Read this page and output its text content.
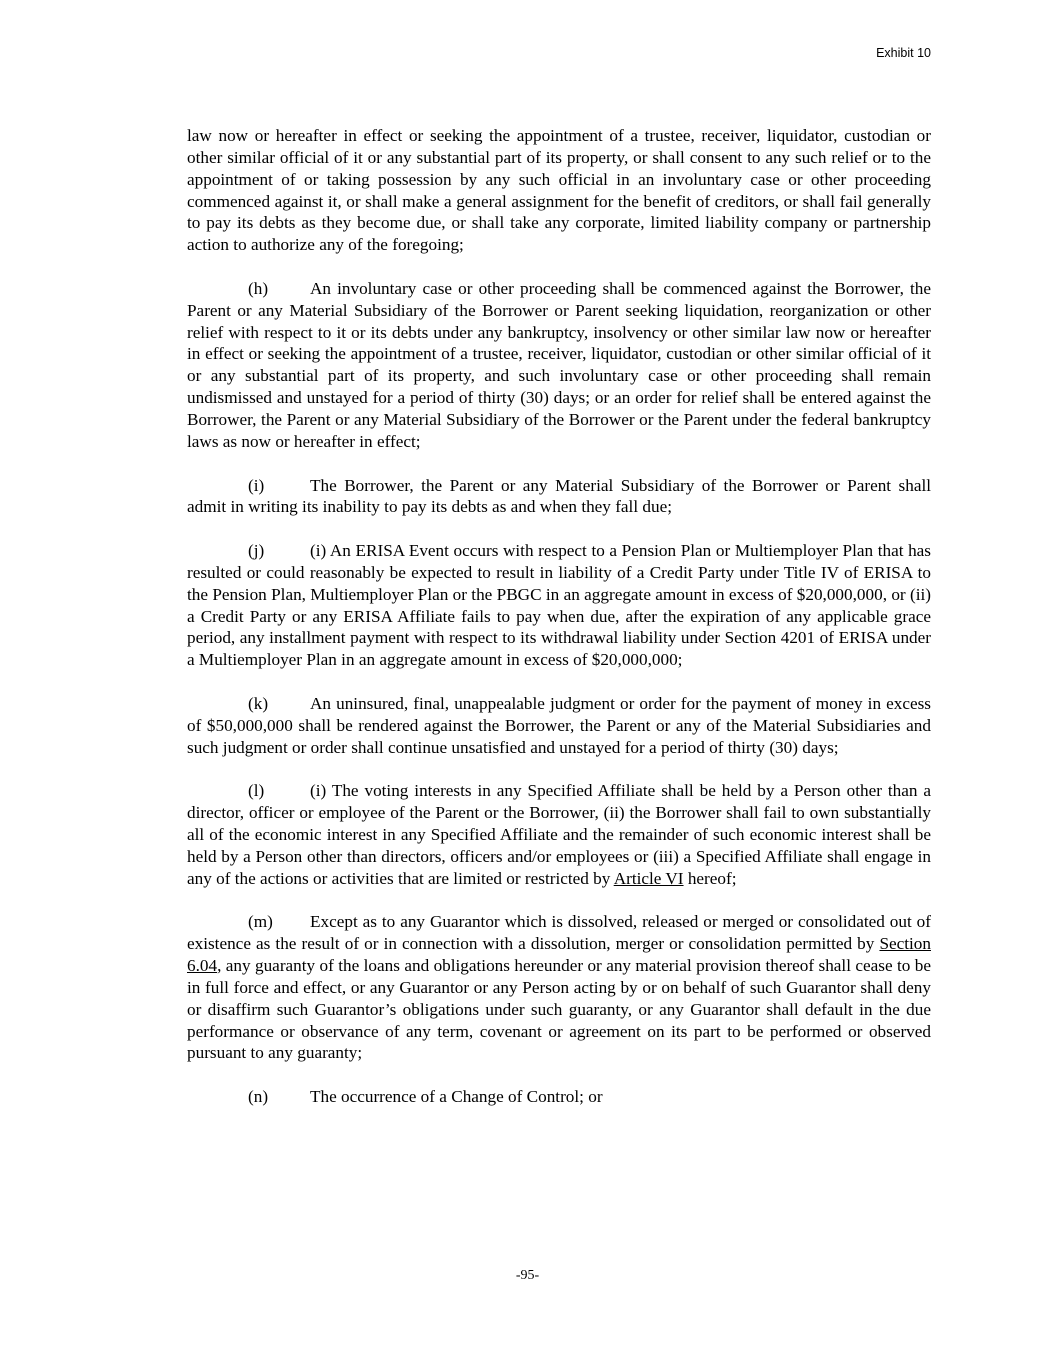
Exhibit 10

law now or hereafter in effect or seeking the appointment of a trustee, receiver, liquidator, custodian or other similar official of it or any substantial part of its property, or shall consent to any such relief or to the appointment of or taking possession by any such official in an involuntary case or other proceeding commenced against it, or shall make a general assignment for the benefit of creditors, or shall fail generally to pay its debts as they become due, or shall take any corporate, limited liability company or partnership action to authorize any of the foregoing;

(h) An involuntary case or other proceeding shall be commenced against the Borrower, the Parent or any Material Subsidiary of the Borrower or Parent seeking liquidation, reorganization or other relief with respect to it or its debts under any bankruptcy, insolvency or other similar law now or hereafter in effect or seeking the appointment of a trustee, receiver, liquidator, custodian or other similar official of it or any substantial part of its property, and such involuntary case or other proceeding shall remain undismissed and unstayed for a period of thirty (30) days; or an order for relief shall be entered against the Borrower, the Parent or any Material Subsidiary of the Borrower or the Parent under the federal bankruptcy laws as now or hereafter in effect;

(i)	The Borrower, the Parent or any Material Subsidiary of the Borrower or Parent shall admit in writing its inability to pay its debts as and when they fall due;

(j)	(i) An ERISA Event occurs with respect to a Pension Plan or Multiemployer Plan that has resulted or could reasonably be expected to result in liability of a Credit Party under Title IV of ERISA to the Pension Plan, Multiemployer Plan or the PBGC in an aggregate amount in excess of $20,000,000, or (ii) a Credit Party or any ERISA Affiliate fails to pay when due, after the expiration of any applicable grace period, any installment payment with respect to its withdrawal liability under Section 4201 of ERISA under a Multiemployer Plan in an aggregate amount in excess of $20,000,000;

(k) An uninsured, final, unappealable judgment or order for the payment of money in excess of $50,000,000 shall be rendered against the Borrower, the Parent or any of the Material Subsidiaries and such judgment or order shall continue unsatisfied and unstayed for a period of thirty (30) days;

(l)	(i) The voting interests in any Specified Affiliate shall be held by a Person other than a director, officer or employee of the Parent or the Borrower, (ii) the Borrower shall fail to own substantially all of the economic interest in any Specified Affiliate and the remainder of such economic interest shall be held by a Person other than directors, officers and/or employees or (iii) a Specified Affiliate shall engage in any of the actions or activities that are limited or restricted by Article VI hereof;

(m) Except as to any Guarantor which is dissolved, released or merged or consolidated out of existence as the result of or in connection with a dissolution, merger or consolidation permitted by Section 6.04, any guaranty of the loans and obligations hereunder or any material provision thereof shall cease to be in full force and effect, or any Guarantor or any Person acting by or on behalf of such Guarantor shall deny or disaffirm such Guarantor’s obligations under such guaranty, or any Guarantor shall default in the due performance or observance of any term, covenant or agreement on its part to be performed or observed pursuant to any guaranty;

(n) The occurrence of a Change of Control; or

-95-
